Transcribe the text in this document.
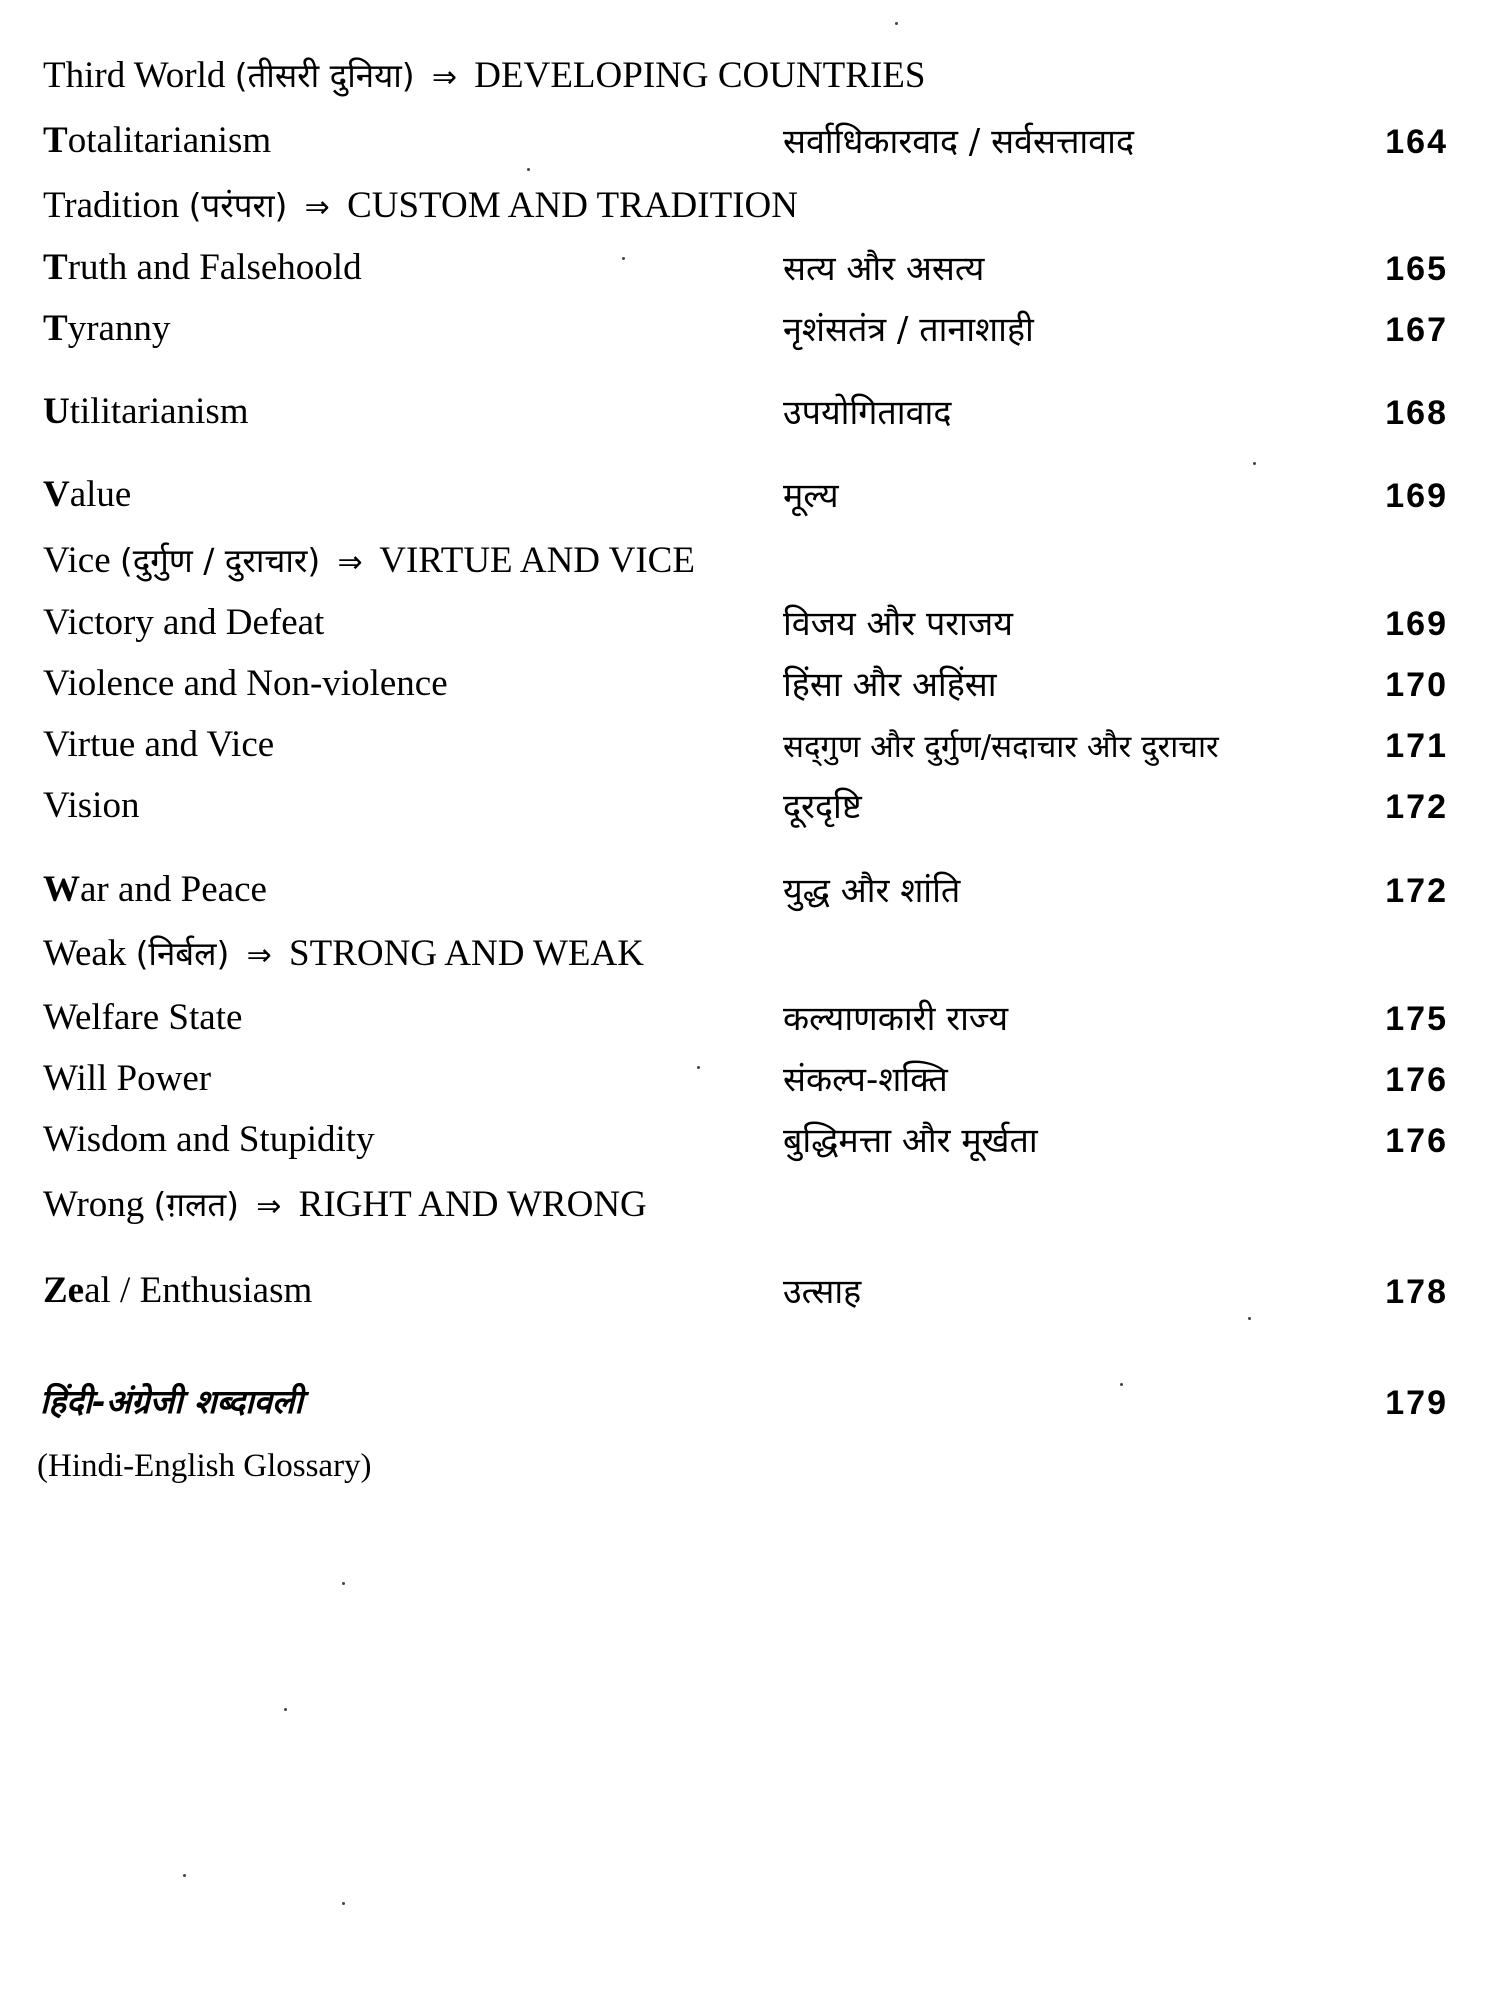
Third World (तीसरी दुनिया) ⇒ DEVELOPING COUNTRIES
Totalitarianism	सर्वाधिकारवाद / सर्वसत्तावाद	164
Tradition (परंपरा) ⇒ CUSTOM AND TRADITION
Truth and Falsehoold	सत्य और असत्य	165
Tyranny	नृशंसतंत्र / तानाशाही	167
Utilitarianism	उपयोगितावाद	168
Value	मूल्य	169
Vice (दुर्गुण / दुराचार) ⇒ VIRTUE AND VICE
Victory and Defeat	विजय और पराजय	169
Violence and Non-violence	हिंसा और अहिंसा	170
Virtue and Vice	सद्‌गुण और दुर्गुण/सदाचार और दुराचार	171
Vision	दूरदृष्टि	172
War and Peace	युद्ध और शांति	172
Weak (निर्बल) ⇒ STRONG AND WEAK
Welfare State	कल्याणकारी राज्य	175
Will Power	संकल्प-शक्ति	176
Wisdom and Stupidity	बुद्धिमत्ता और मूर्खता	176
Wrong (ग़लत) ⇒ RIGHT AND WRONG
Zeal / Enthusiasm	उत्साह	178
हिंदी-अंग्रेजी शब्दावली	179
(Hindi-English Glossary)
